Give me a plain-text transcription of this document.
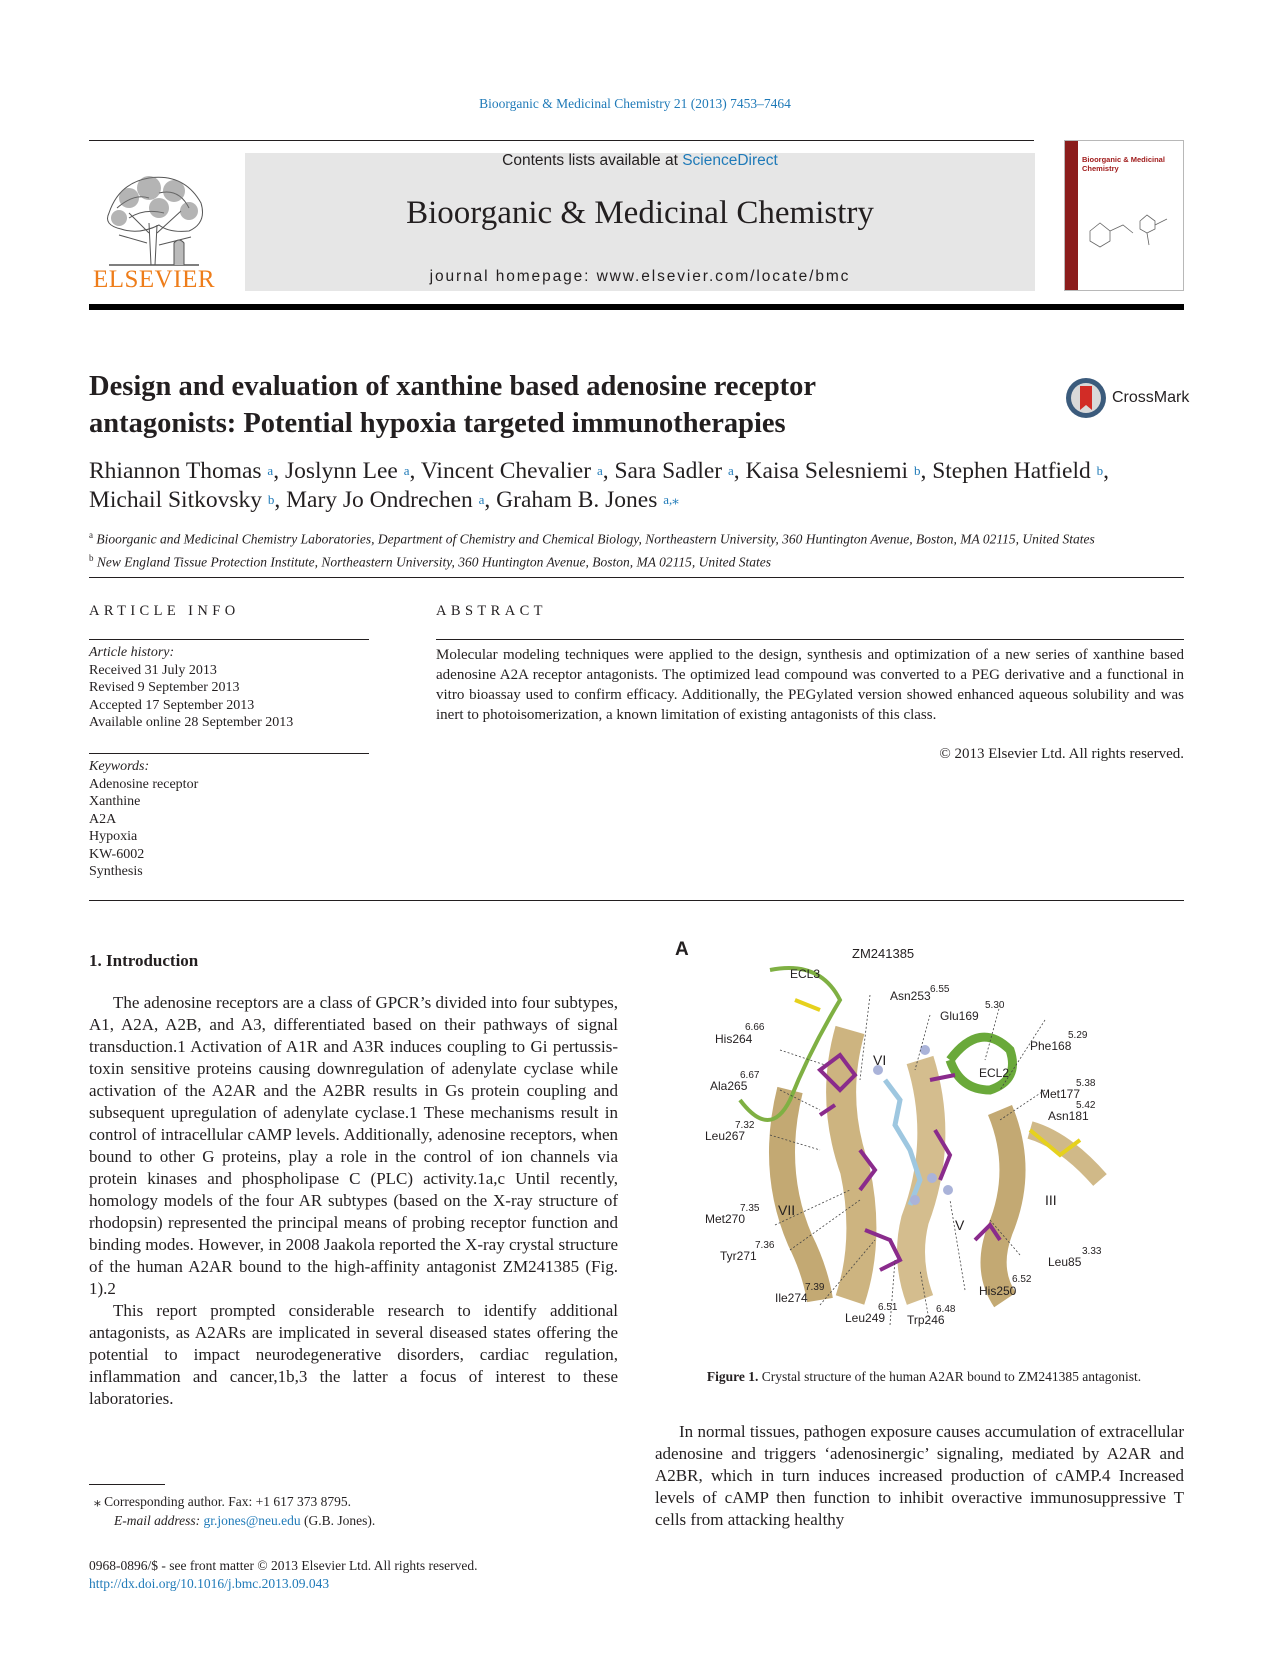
Bioorganic & Medicinal Chemistry 21 (2013) 7453–7464
ELSEVIER
Contents lists available at ScienceDirect
Bioorganic & Medicinal Chemistry
journal homepage: www.elsevier.com/locate/bmc
Bioorganic & Medicinal Chemistry
Design and evaluation of xanthine based adenosine receptor
antagonists: Potential hypoxia targeted immunotherapies
CrossMark
Rhiannon Thomas $^a$, Joslynn Lee $^a$, Vincent Chevalier $^a$, Sara Sadler $^a$, Kaisa Selesniemi $^b$, Stephen Hatfield $^b$,
Michail Sitkovsky $^b$, Mary Jo Ondrechen $^a$, Graham B. Jones $^{a,⁎}$
$^a$ Bioorganic and Medicinal Chemistry Laboratories, Department of Chemistry and Chemical Biology, Northeastern University, 360 Huntington Avenue, Boston, MA 02115, United States
$^b$ New England Tissue Protection Institute, Northeastern University, 360 Huntington Avenue, Boston, MA 02115, United States
ARTICLE INFO
Article history:
Received 31 July 2013
Revised 9 September 2013
Accepted 17 September 2013
Available online 28 September 2013
Keywords:
Adenosine receptor
Xanthine
A2A
Hypoxia
KW-6002
Synthesis
ABSTRACT
Molecular modeling techniques were applied to the design, synthesis and optimization of a new series of xanthine based adenosine A2A receptor antagonists. The optimized lead compound was converted to a PEG derivative and a functional in vitro bioassay used to confirm efficacy. Additionally, the PEGylated version showed enhanced aqueous solubility and was inert to photoisomerization, a known limitation of existing antagonists of this class.
© 2013 Elsevier Ltd. All rights reserved.
1. Introduction

The adenosine receptors are a class of GPCR’s divided into four subtypes, A1, A2A, A2B, and A3, differentiated based on their pathways of signal transduction.1 Activation of A1R and A3R induces coupling to Gi pertussis-toxin sensitive proteins causing downregulation of adenylate cyclase while activation of the A2AR and the A2BR results in Gs protein coupling and subsequent upregulation of adenylate cyclase.1 These mechanisms result in control of intracellular cAMP levels. Additionally, adenosine receptors, when bound to other G proteins, play a role in the control of ion channels via protein kinases and phospholipase C (PLC) activity.1a,c Until recently, homology models of the four AR subtypes (based on the X-ray structure of rhodopsin) represented the principal means of probing receptor function and binding modes. However, in 2008 Jaakola reported the X-ray crystal structure of the human A2AR bound to the high-affinity antagonist ZM241385 (Fig. 1).2

This report prompted considerable research to identify additional antagonists, as A2ARs are implicated in several diseased states offering the potential to impact neurodegenerative disorders, cardiac regulation, inflammation and cancer,1b,3 the latter a focus of interest to these laboratories.

In normal tissues, pathogen exposure causes accumulation of extracellular adenosine and triggers ‘adenosinergic’ signaling, mediated by A2AR and A2BR, which in turn induces increased production of cAMP.4 Increased levels of cAMP then function to inhibit overactive immunosuppressive T cells from attacking healthy

A	ZM241385
ECL3
Asn253 6.55
Glu169
5.30
His264
6.66
Phe168
5.29
VI
ECL2
Ala265
6.67
Met177
5.38
Asn181
5.42
Leu267
7.32
VII
V
III
Met270
7.35
Tyr271
7.36
Leu85
3.33
His250
6.52
Ile274
7.39
Leu249
6.51
Trp246
6.48
Figure 1. Crystal structure of the human A2AR bound to ZM241385 antagonist.
⁎ Corresponding author. Fax: +1 617 373 8795.
E-mail address: gr.jones@neu.edu (G.B. Jones).
0968-0896/$ - see front matter © 2013 Elsevier Ltd. All rights reserved.
http://dx.doi.org/10.1016/j.bmc.2013.09.043
